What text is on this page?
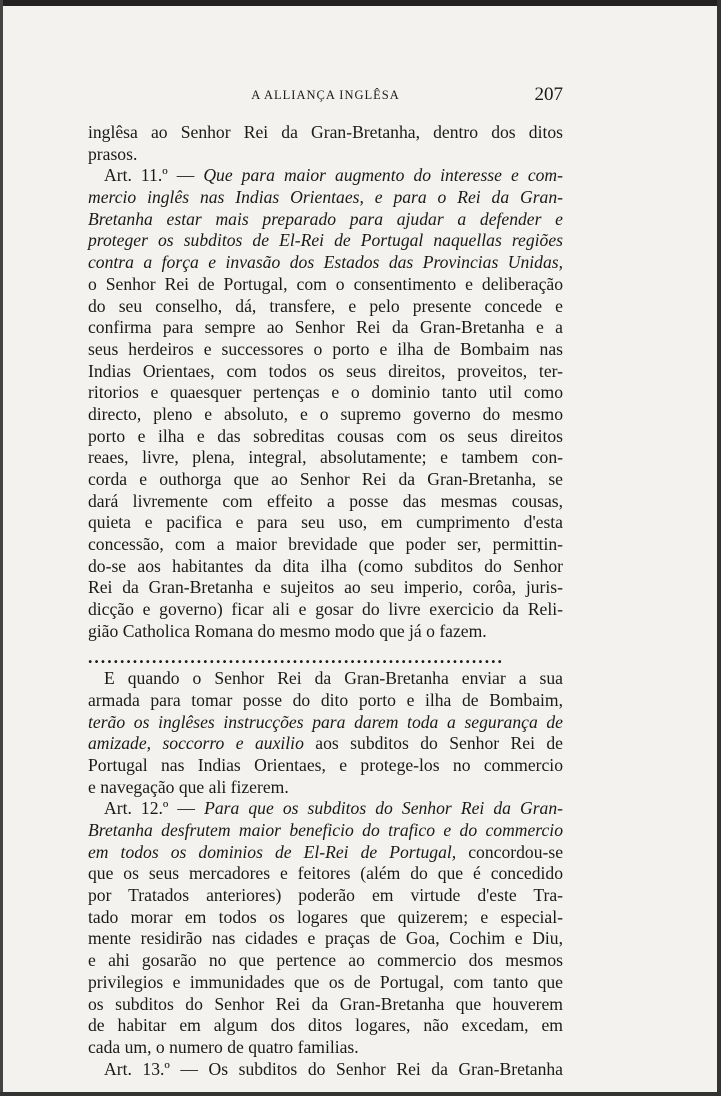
A ALLIANÇA INGLÊSA	207
inglêsa ao Senhor Rei da Gran-Bretanha, dentro dos ditos
prasos.
Art. 11.º — Que para maior augmento do interesse e com-
mercio inglês nas Indias Orientaes, e para o Rei da Gran-
Bretanha estar mais preparado para ajudar a defender e
proteger os subditos de El-Rei de Portugal naquellas regiões
contra a força e invasão dos Estados das Provincias Unidas,
o Senhor Rei de Portugal, com o consentimento e deliberação
do seu conselho, dá, transfere, e pelo presente concede e
confirma para sempre ao Senhor Rei da Gran-Bretanha e a
seus herdeiros e successores o porto e ilha de Bombaim nas
Indias Orientaes, com todos os seus direitos, proveitos, ter-
ritorios e quaesquer pertenças e o dominio tanto util como
directo, pleno e absoluto, e o supremo governo do mesmo
porto e ilha e das sobreditas cousas com os seus direitos
reaes, livre, plena, integral, absolutamente; e tambem con-
corda e outhorga que ao Senhor Rei da Gran-Bretanha, se
dará livremente com effeito a posse das mesmas cousas,
quieta e pacifica e para seu uso, em cumprimento d'esta
concessão, com a maior brevidade que poder ser, permittin-
do-se aos habitantes da dita ilha (como subditos do Senhor
Rei da Gran-Bretanha e sujeitos ao seu imperio, corôa, juris-
dicção e governo) ficar ali e gosar do livre exercicio da Reli-
gião Catholica Romana do mesmo modo que já o fazem.
.................................................................
E quando o Senhor Rei da Gran-Bretanha enviar a sua
armada para tomar posse do dito porto e ilha de Bombaim,
terão os inglêses instrucções para darem toda a segurança de
amizade, soccorro e auxilio aos subditos do Senhor Rei de
Portugal nas Indias Orientaes, e protege-los no commercio
e navegação que ali fizerem.
Art. 12.º — Para que os subditos do Senhor Rei da Gran-
Bretanha desfrutem maior beneficio do trafico e do commercio
em todos os dominios de El-Rei de Portugal, concordou-se
que os seus mercadores e feitores (além do que é concedido
por Tratados anteriores) poderão em virtude d'este Tra-
tado morar em todos os logares que quizerem; e especial-
mente residirão nas cidades e praças de Goa, Cochim e Diu,
e ahi gosarão no que pertence ao commercio dos mesmos
privilegios e immunidades que os de Portugal, com tanto que
os subditos do Senhor Rei da Gran-Bretanha que houverem
de habitar em algum dos ditos logares, não excedam, em
cada um, o numero de quatro familias.
Art. 13.º — Os subditos do Senhor Rei da Gran-Bretanha
